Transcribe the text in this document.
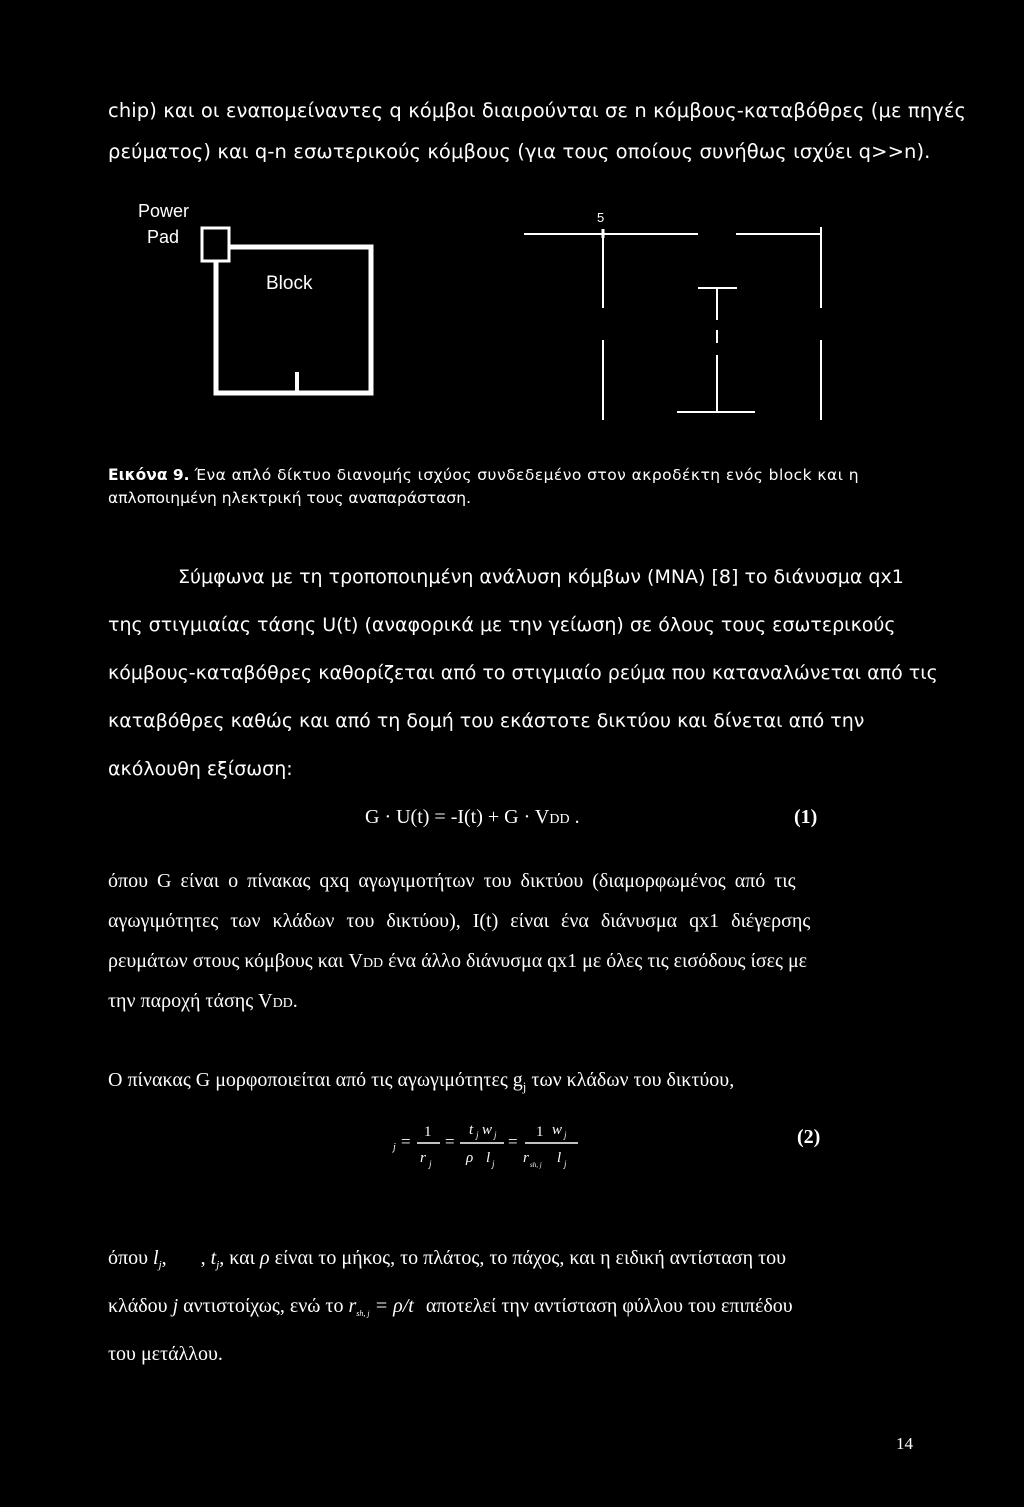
chip) και οι εναπομείναντες q κόμβοι διαιρούνται σε n κόμβους-καταβόθρες (με πηγές
ρεύματος) και q-n εσωτερικούς κόμβους (για τους οποίους συνήθως ισχύει q>>n).
Power
Pad
Block
5
Εικόνα 9. Ένα απλό δίκτυο διανομής ισχύος συνδεδεμένο στον ακροδέκτη ενός block και η
απλοποιημένη ηλεκτρική τους αναπαράσταση.
Σύμφωνα με τη τροποποιημένη ανάλυση κόμβων (MNA) [8] το διάνυσμα qx1
της στιγμιαίας τάσης U(t) (αναφορικά με την γείωση) σε όλους τους εσωτερικούς
κόμβους-καταβόθρες καθορίζεται από το στιγμιαίο ρεύμα που καταναλώνεται από τις
καταβόθρες καθώς και από τη δομή του εκάστοτε δικτύου και δίνεται από την
ακόλουθη εξίσωση:
G · U(t) = -I(t) + G · VDD .	(1)
όπου G είναι ο πίνακας qxq αγωγιμοτήτων του δικτύου (διαμορφωμένος από τις
αγωγιμότητες των κλάδων του δικτύου), I(t) είναι ένα διάνυσμα qx1 διέγερσης
ρευμάτων στους κόμβους και VDD ένα άλλο διάνυσμα qx1 με όλες τις εισόδους ίσες με
την παροχή τάσης VDD.
Ο πίνακας G μορφοποιείται από τις αγωγιμότητες $g_j$ των κλάδων του δικτύου,
j = 1
r j
=
t j w j
ρ l j
= 1 w j
r sh, j l j
(2)
όπου $l_j$, , $t_j$, και ρ είναι το μήκος, το πλάτος, το πάχος, και η ειδική αντίσταση του
κλάδου j αντιστοίχως, ενώ το $r_{sh, j} = \rho/t$ αποτελεί την αντίσταση φύλλου του επιπέδου
του μετάλλου.
14
